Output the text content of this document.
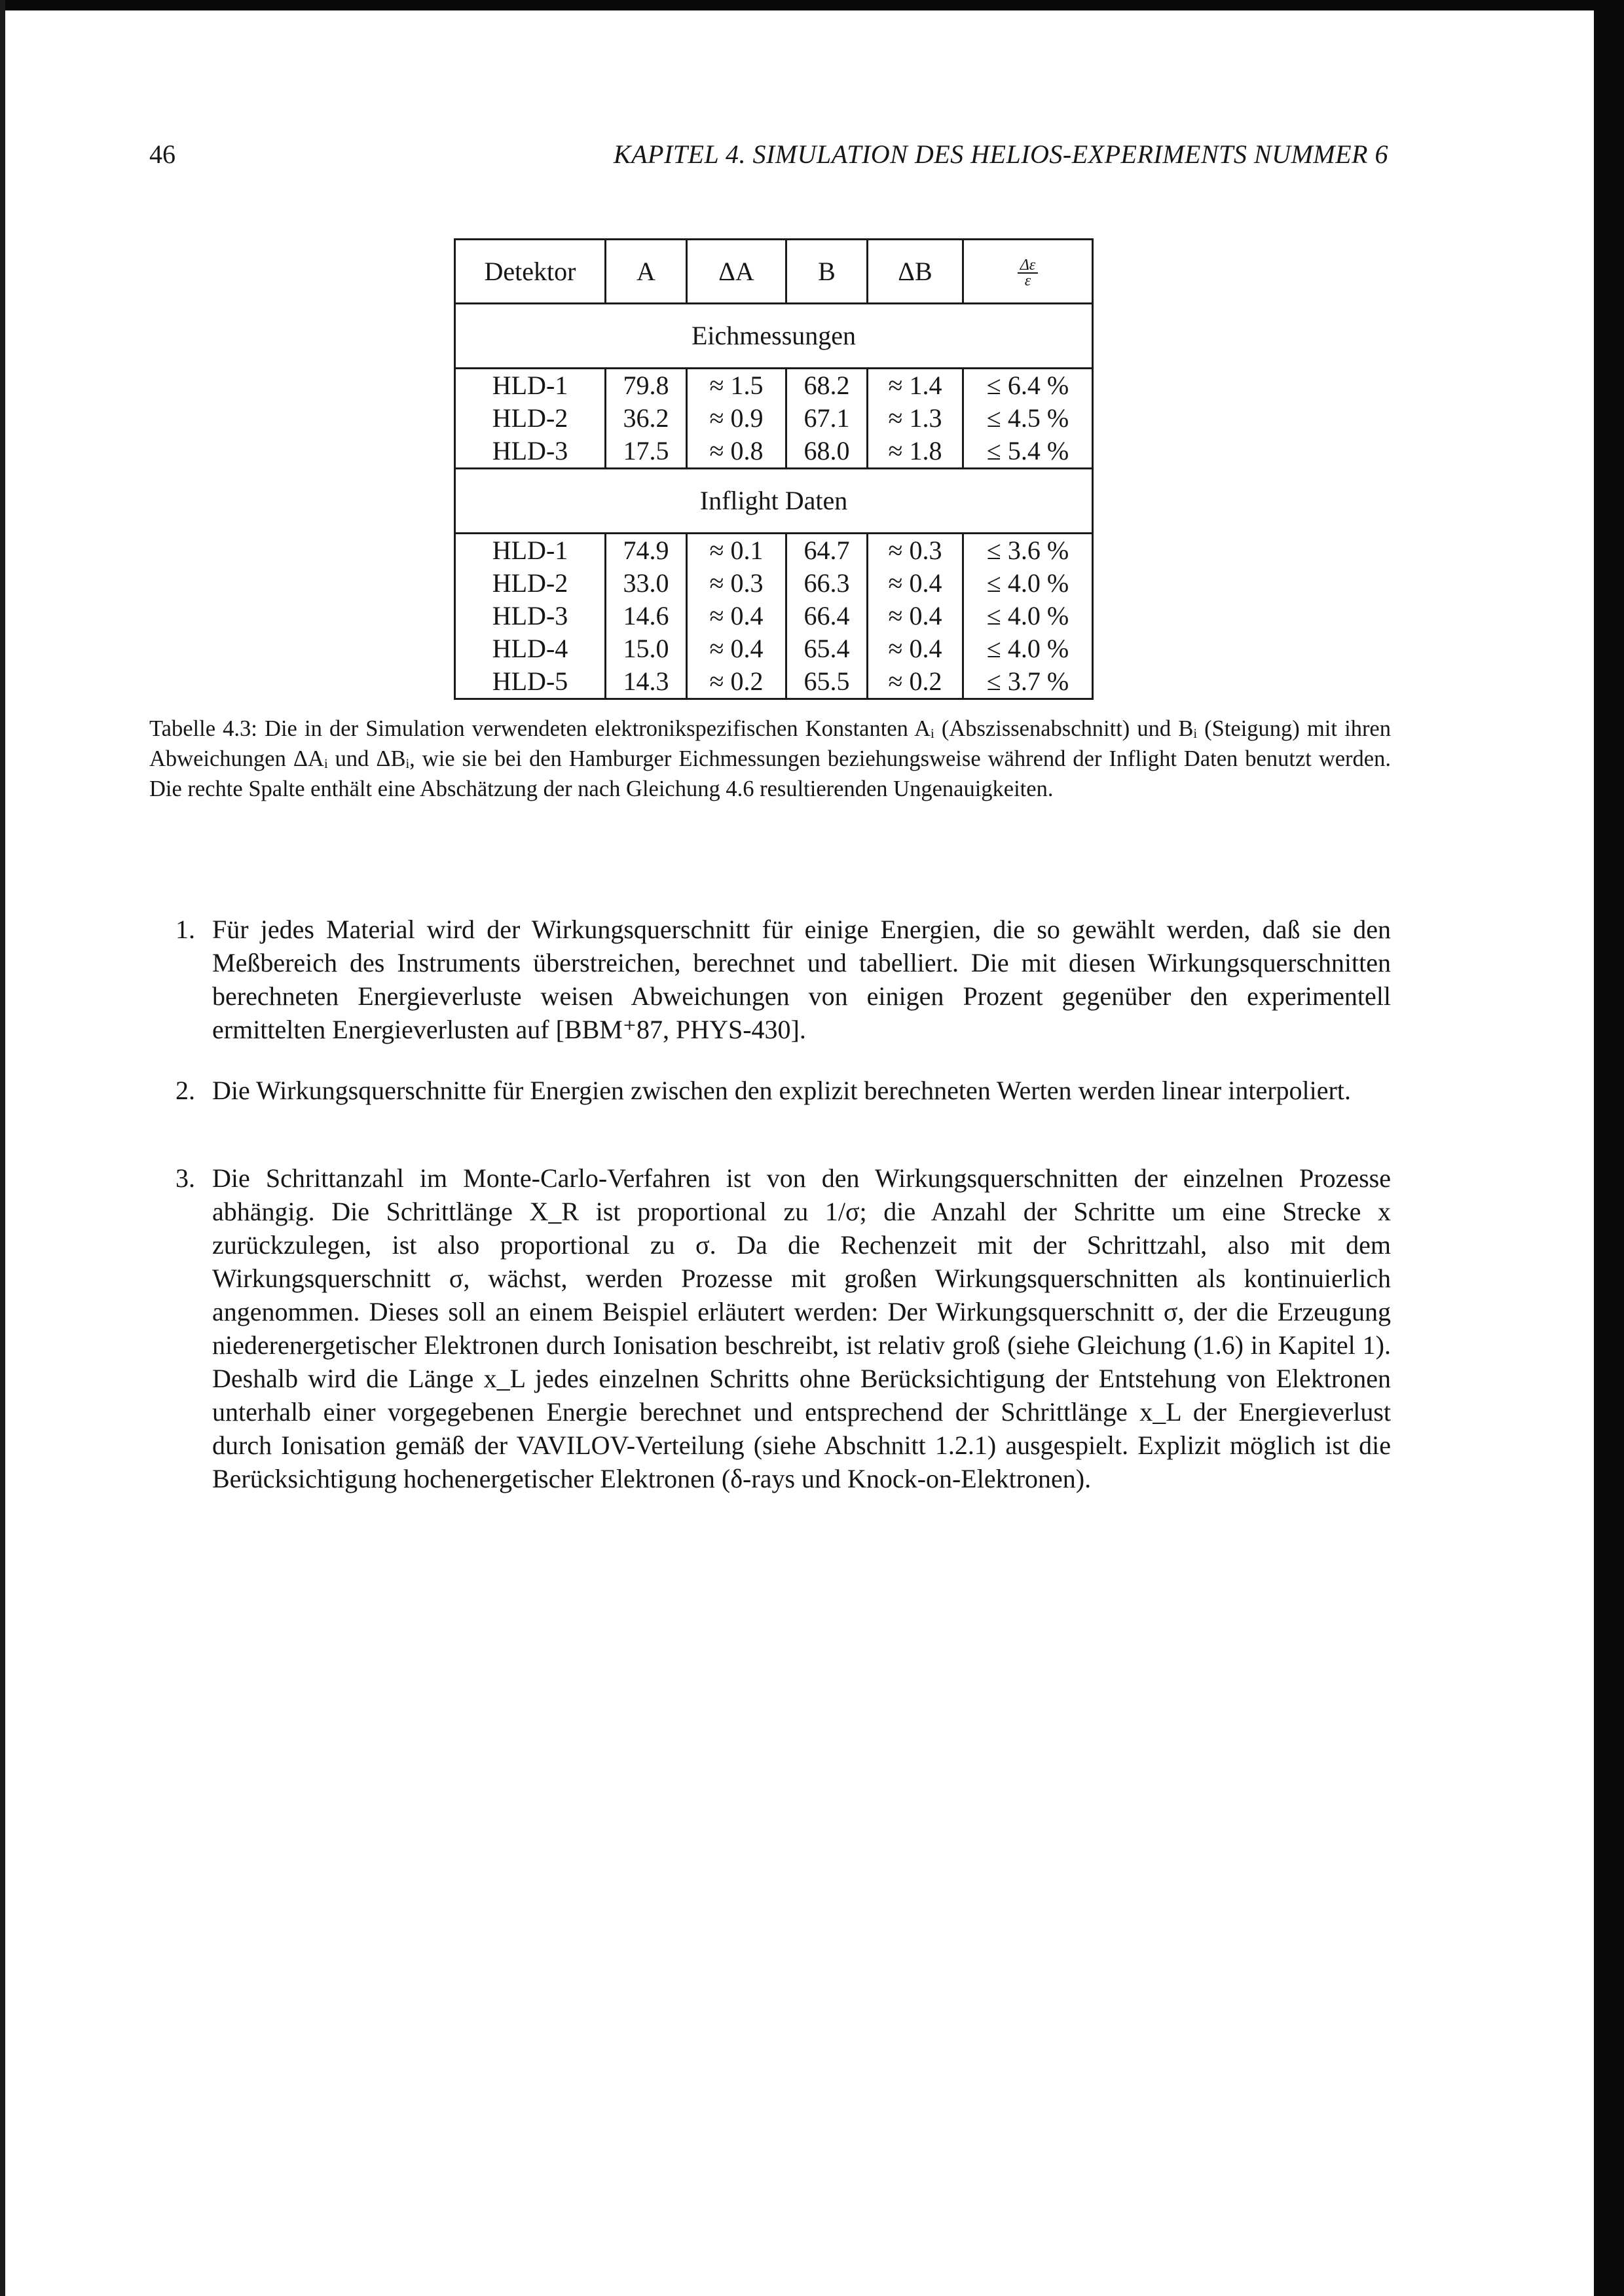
46	KAPITEL 4. SIMULATION DES HELIOS-EXPERIMENTS NUMMER 6
Detektor	A	ΔA	B	ΔB	$\frac{\Delta\varepsilon}{\varepsilon}$

Eichmessungen					
HLD-1	79.8	≈ 1.5	68.2	≈ 1.4	≤ 6.4 %
HLD-2	36.2	≈ 0.9	67.1	≈ 1.3	≤ 4.5 %
HLD-3	17.5	≈ 0.8	68.0	≈ 1.8	≤ 5.4 %
Inflight Daten					
HLD-1	74.9	≈ 0.1	64.7	≈ 0.3	≤ 3.6 %
HLD-2	33.0	≈ 0.3	66.3	≈ 0.4	≤ 4.0 %
HLD-3	14.6	≈ 0.4	66.4	≈ 0.4	≤ 4.0 %
HLD-4	15.0	≈ 0.4	65.4	≈ 0.4	≤ 4.0 %
HLD-5	14.3	≈ 0.2	65.5	≈ 0.2	≤ 3.7 %
Tabelle 4.3: Die in der Simulation verwendeten elektronikspezifischen Konstanten Aᵢ (Abszissenabschnitt) und Bᵢ (Steigung) mit ihren Abweichungen ΔAᵢ und ΔBᵢ, wie sie bei den Hamburger Eichmessungen beziehungsweise während der Inflight Daten benutzt werden. Die rechte Spalte enthält eine Abschätzung der nach Gleichung 4.6 resultierenden Ungenauigkeiten.
1. Für jedes Material wird der Wirkungsquerschnitt für einige Energien, die so gewählt werden, daß sie den Meßbereich des Instruments überstreichen, berechnet und tabelliert. Die mit diesen Wirkungsquerschnitten berechneten Energieverluste weisen Abweichungen von einigen Prozent gegenüber den experimentell ermittelten Energieverlusten auf [BBM⁺87, PHYS-430].
2. Die Wirkungsquerschnitte für Energien zwischen den explizit berechneten Werten werden linear interpoliert.
3. Die Schrittanzahl im Monte-Carlo-Verfahren ist von den Wirkungsquerschnitten der einzelnen Prozesse abhängig. Die Schrittlänge X_R ist proportional zu 1/σ; die Anzahl der Schritte um eine Strecke x zurückzulegen, ist also proportional zu σ. Da die Rechenzeit mit der Schrittzahl, also mit dem Wirkungsquerschnitt σ, wächst, werden Prozesse mit großen Wirkungsquerschnitten als kontinuierlich angenommen. Dieses soll an einem Beispiel erläutert werden: Der Wirkungsquerschnitt σ, der die Erzeugung niederenergetischer Elektronen durch Ionisation beschreibt, ist relativ groß (siehe Gleichung (1.6) in Kapitel 1). Deshalb wird die Länge x_L jedes einzelnen Schritts ohne Berücksichtigung der Entstehung von Elektronen unterhalb einer vorgegebenen Energie berechnet und entsprechend der Schrittlänge x_L der Energieverlust durch Ionisation gemäß der VAVILOV-Verteilung (siehe Abschnitt 1.2.1) ausgespielt. Explizit möglich ist die Berücksichtigung hochenergetischer Elektronen (δ-rays und Knock-on-Elektronen).
